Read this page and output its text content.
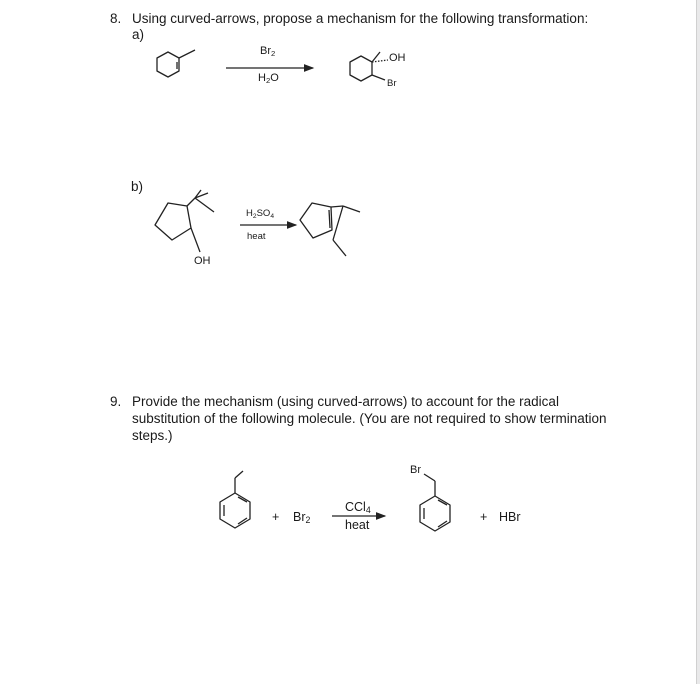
8. Using curved-arrows, propose a mechanism for the following transformation:
a)
$Br_2$
$H_2O$
OH
Br
b)
$H_2SO_4$
heat
OH
9. Provide the mechanism (using curved-arrows) to account for the radical
substitution of the following molecule. (You are not required to show termination
steps.)
+ $Br_2$
CCl$_4$
heat
Br
+ HBr
